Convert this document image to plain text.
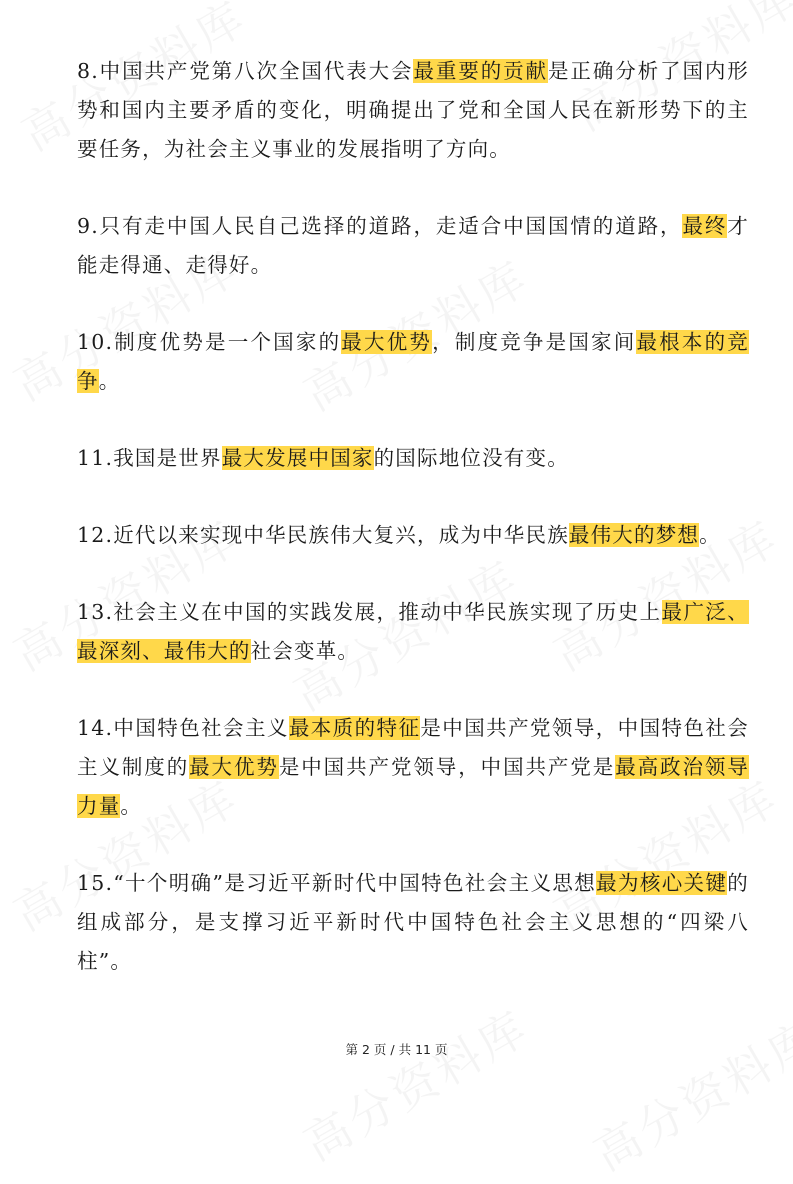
8.中国共产党第八次全国代表大会最重要的贡献是正确分析了国内形势和国内主要矛盾的变化，明确提出了党和全国人民在新形势下的主要任务，为社会主义事业的发展指明了方向。

9.只有走中国人民自己选择的道路，走适合中国国情的道路，最终才能走得通、走得好。

10.制度优势是一个国家的最大优势，制度竞争是国家间最根本的竞争。

11.我国是世界最大发展中国家的国际地位没有变。

12.近代以来实现中华民族伟大复兴，成为中华民族最伟大的梦想。

13.社会主义在中国的实践发展，推动中华民族实现了历史上最广泛、最深刻、最伟大的社会变革。

14.中国特色社会主义最本质的特征是中国共产党领导，中国特色社会主义制度的最大优势是中国共产党领导，中国共产党是最高政治领导力量。

15.“十个明确”是习近平新时代中国特色社会主义思想最为核心关键的组成部分，是支撑习近平新时代中国特色社会主义思想的“四梁八柱”。

第 2 页 / 共 11 页
